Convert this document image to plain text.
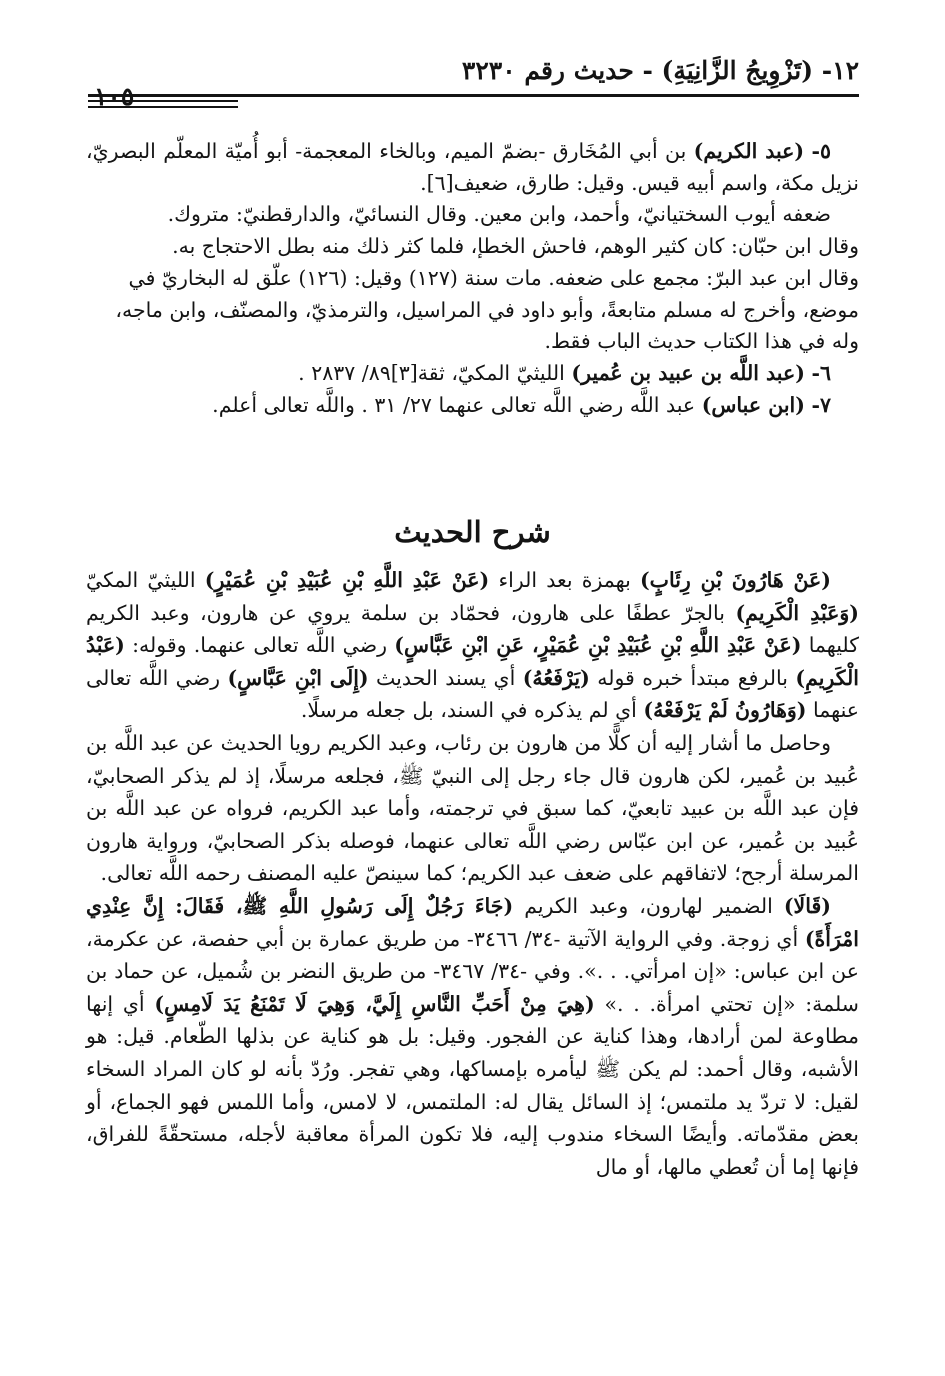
١٢- (تَزْوِيجُ الزَّانِيَةِ) - حديث رقم ٣٢٣٠

٥- (عبد الكريم) بن أبي المُخَارق -بضمّ الميم، وبالخاء المعجمة- أبو أُميّة المعلّم البصريّ، نزيل مكة، واسم أبيه قيس. وقيل: طارق، ضعيف[٦].

ضعفه أيوب السختيانيّ، وأحمد، وابن معين. وقال النسائيّ، والدارقطنيّ: متروك.

وقال ابن حبّان: كان كثير الوهم، فاحش الخطإ، فلما كثر ذلك منه بطل الاحتجاج به.

وقال ابن عبد البرّ: مجمع على ضعفه. مات سنة (١٢٧) وقيل: (١٢٦) علّق له البخاريّ في موضع، وأخرج له مسلم متابعةً، وأبو داود في المراسيل، والترمذيّ، والمصنّف، وابن ماجه، وله في هذا الكتاب حديث الباب فقط.

٦- (عبد اللَّه بن عبيد بن عُمير) الليثيّ المكيّ، ثقة[٣]٨٩/ ٢٨٣٧ .

٧- (ابن عباس) عبد اللَّه رضي اللَّه تعالى عنهما ٢٧/ ٣١ . واللَّه تعالى أعلم.

شرح الحديث

(عَنْ هَارُونَ بْنِ رِئَابٍ) بهمزة بعد الراء (عَنْ عَبْدِ اللَّهِ بْنِ عُبَيْدِ بْنِ عُمَيْرٍ) الليثيّ المكيّ (وَعَبْدِ الْكَرِيمِ) بالجرّ عطفًا على هارون، فحمّاد بن سلمة يروي عن هارون، وعبد الكريم كليهما (عَنْ عَبْدِ اللَّهِ بْنِ عُبَيْدِ بْنِ عُمَيْرٍ، عَنِ ابْنِ عَبَّاسٍ) رضي اللَّه تعالى عنهما. وقوله: (عَبْدُ الْكَرِيمِ) بالرفع مبتدأ خبره قوله (يَرْفَعُهُ) أي يسند الحديث (إِلَى ابْنِ عَبَّاسٍ) رضي اللَّه تعالى عنهما (وَهَارُونُ لَمْ يَرْفَعْهُ) أي لم يذكره في السند، بل جعله مرسلًا.

وحاصل ما أشار إليه أن كلًّا من هارون بن رئاب، وعبد الكريم رويا الحديث عن عبد اللَّه بن عُبيد بن عُمير، لكن هارون قال جاء رجل إلى النبيّ ﷺ، فجلعه مرسلًا، إذ لم يذكر الصحابيّ، فإن عبد اللَّه بن عبيد تابعيّ، كما سبق في ترجمته، وأما عبد الكريم، فرواه عن عبد اللَّه بن عُبيد بن عُمير، عن ابن عبّاس رضي اللَّه تعالى عنهما، فوصله بذكر الصحابيّ، ورواية هارون المرسلة أرجح؛ لاتفاقهم على ضعف عبد الكريم؛ كما سينصّ عليه المصنف رحمه اللَّه تعالى.

(قَالَا) الضمير لهارون، وعبد الكريم (جَاءَ رَجُلٌ إِلَى رَسُولِ اللَّهِ ﷺ، فَقَالَ: إِنَّ عِنْدِي امْرَأَةً) أي زوجة. وفي الرواية الآتية -٣٤/ ٣٤٦٦- من طريق عمارة بن أبي حفصة، عن عكرمة، عن ابن عباس: «إن امرأتي. . .». وفي -٣٤/ ٣٤٦٧- من طريق النضر بن شُميل، عن حماد بن سلمة: «إن تحتي امرأة. . .» (هِيَ مِنْ أَحَبِّ النَّاسِ إِلَيَّ، وَهِيَ لَا تَمْنَعُ يَدَ لَامِسٍ) أي إنها مطاوعة لمن أرادها، وهذا كناية عن الفجور. وقيل: بل هو كناية عن بذلها الطّعام. قيل: هو الأشبه، وقال أحمد: لم يكن ﷺ ليأمره بإمساكها، وهي تفجر. ورُدّ بأنه لو كان المراد السخاء لقيل: لا تردّ يد ملتمس؛ إذ السائل يقال له: الملتمس، لا لامس، وأما اللمس فهو الجماع، أو بعض مقدّماته. وأيضًا السخاء مندوب إليه، فلا تكون المرأة معاقبة لأجله، مستحقّةً للفراق، فإنها إما أن تُعطي مالها، أو مال
